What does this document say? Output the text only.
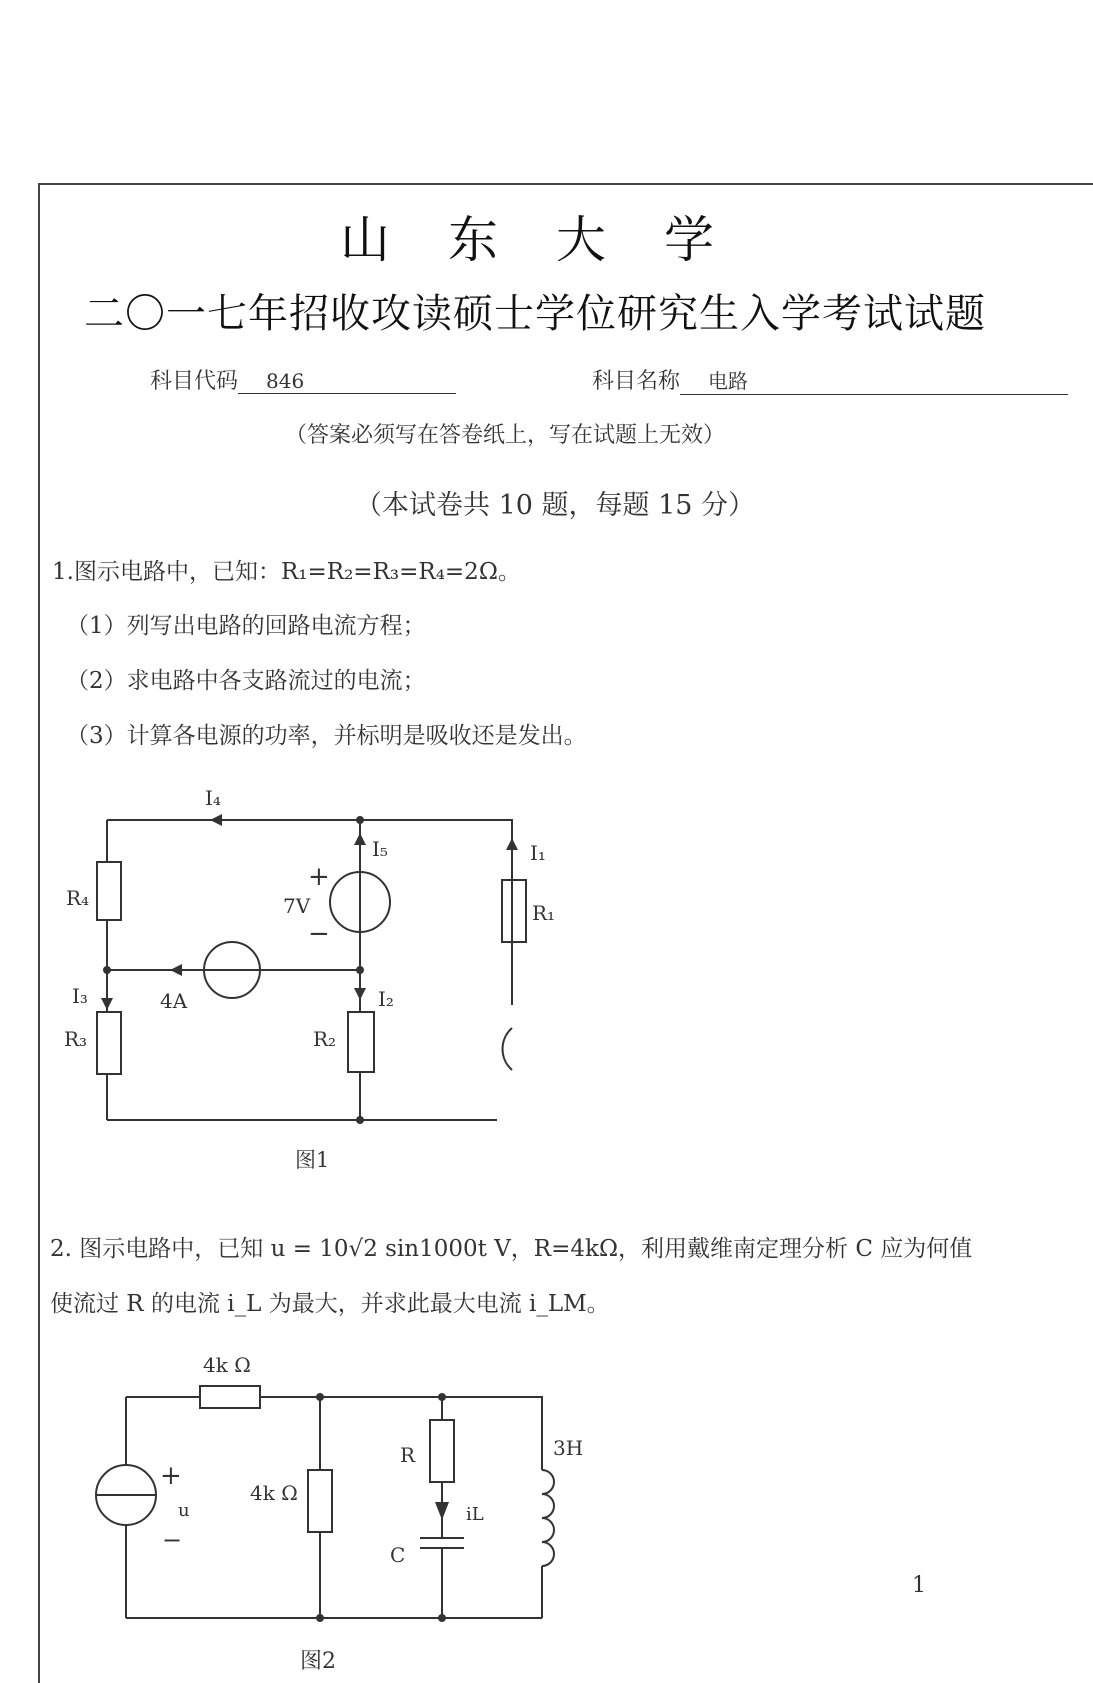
山东大学
二〇一七年招收攻读硕士学位研究生入学考试试题
科目代码 846	科目名称 电路
（答案必须写在答卷纸上，写在试题上无效）
（本试卷共 10 题，每题 15 分）
1.图示电路中，已知：R₁=R₂=R₃=R₄=2Ω。
（1）列写出电路的回路电流方程；
（2）求电路中各支路流过的电流；
（3）计算各电源的功率，并标明是吸收还是发出。
I₄
I₅	I₁
R₄
R₁
7V
+
−
I₃	4A	I₂
R₃	R₂
图1
4k Ω
4k Ω
R	3H
iL
C
+
u
−
图2
2. 图示电路中，已知 u = 10√2 sin1000t V，R=4kΩ，利用戴维南定理分析 C 应为何值
使流过 R 的电流 i_L 为最大，并求此最大电流 i_LM。
1
